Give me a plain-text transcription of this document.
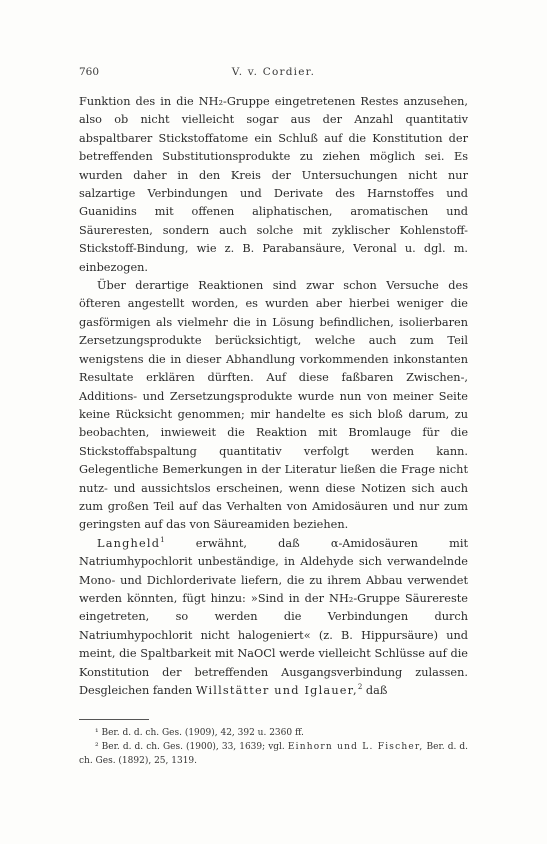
760	V. v. Cordier.

Funktion des in die NH₂-Gruppe eingetretenen Restes anzusehen, also ob nicht vielleicht sogar aus der Anzahl quantitativ abspaltbarer Stickstoffatome ein Schluß auf die Konstitution der betreffenden Substitutionsprodukte zu ziehen möglich sei. Es wurden daher in den Kreis der Untersuchungen nicht nur salzartige Verbindungen und Derivate des Harnstoffes und Guanidins mit offenen aliphatischen, aromatischen und Säureresten, sondern auch solche mit zyklischer Kohlenstoff-Stickstoff-Bindung, wie z. B. Parabansäure, Veronal u. dgl. m. einbezogen.

Über derartige Reaktionen sind zwar schon Versuche des öfteren angestellt worden, es wurden aber hierbei weniger die gasförmigen als vielmehr die in Lösung befindlichen, isolierbaren Zersetzungsprodukte berücksichtigt, welche auch zum Teil wenigstens die in dieser Abhandlung vorkommenden inkonstanten Resultate erklären dürften. Auf diese faßbaren Zwischen-, Additions- und Zersetzungsprodukte wurde nun von meiner Seite keine Rücksicht genommen; mir handelte es sich bloß darum, zu beobachten, inwieweit die Reaktion mit Bromlauge für die Stickstoffabspaltung quantitativ verfolgt werden kann. Gelegentliche Bemerkungen in der Literatur ließen die Frage nicht nutz- und aussichtslos erscheinen, wenn diese Notizen sich auch zum großen Teil auf das Verhalten von Amidosäuren und nur zum geringsten auf das von Säureamiden beziehen.

Langheld$^1$ erwähnt, daß α-Amidosäuren mit Natriumhypochlorit unbeständige, in Aldehyde sich verwandelnde Mono- und Dichlorderivate liefern, die zu ihrem Abbau verwendet werden könnten, fügt hinzu: »Sind in der NH₂-Gruppe Säurereste eingetreten, so werden die Verbindungen durch Natriumhypochlorit nicht halogeniert« (z. B. Hippursäure) und meint, die Spaltbarkeit mit NaOCl werde vielleicht Schlüsse auf die Konstitution der betreffenden Ausgangsverbindung zulassen. Desgleichen fanden Willstätter und Iglauer,$^2$ daß

¹ Ber. d. d. ch. Ges. (1909), 42, 392 u. 2360 ff.

² Ber. d. d. ch. Ges. (1900), 33, 1639; vgl. Einhorn und L. Fischer, Ber. d. d. ch. Ges. (1892), 25, 1319.
